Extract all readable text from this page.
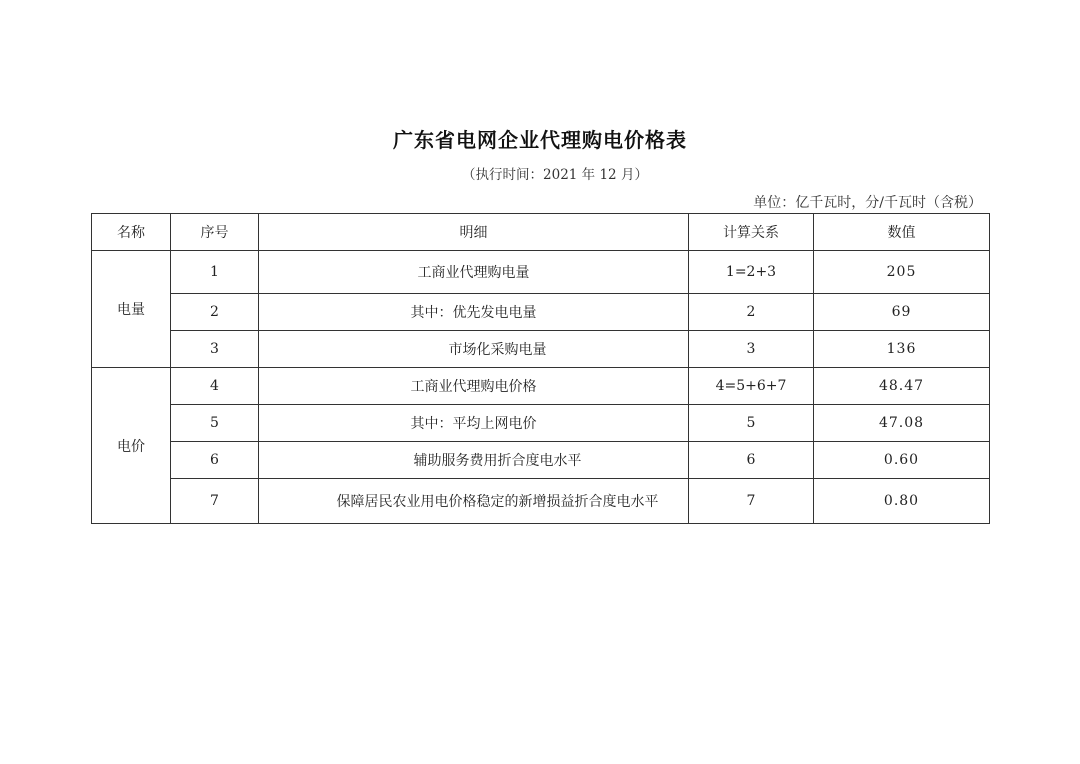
广东省电网企业代理购电价格表
（执行时间：2021 年 12 月）
单位：亿千瓦时，分/千瓦时（含税）
名称	序号	明细	计算关系	数值
电量	1	工商业代理购电量	1=2+3	205
	2	其中：优先发电电量	2	69
	3	市场化采购电量	3	136
电价	4	工商业代理购电价格	4=5+6+7	48.47
	5	其中：平均上网电价	5	47.08
	6	辅助服务费用折合度电水平	6	0.60
	7	保障居民农业用电价格稳定的新增损益折合度电水平	7	0.80
